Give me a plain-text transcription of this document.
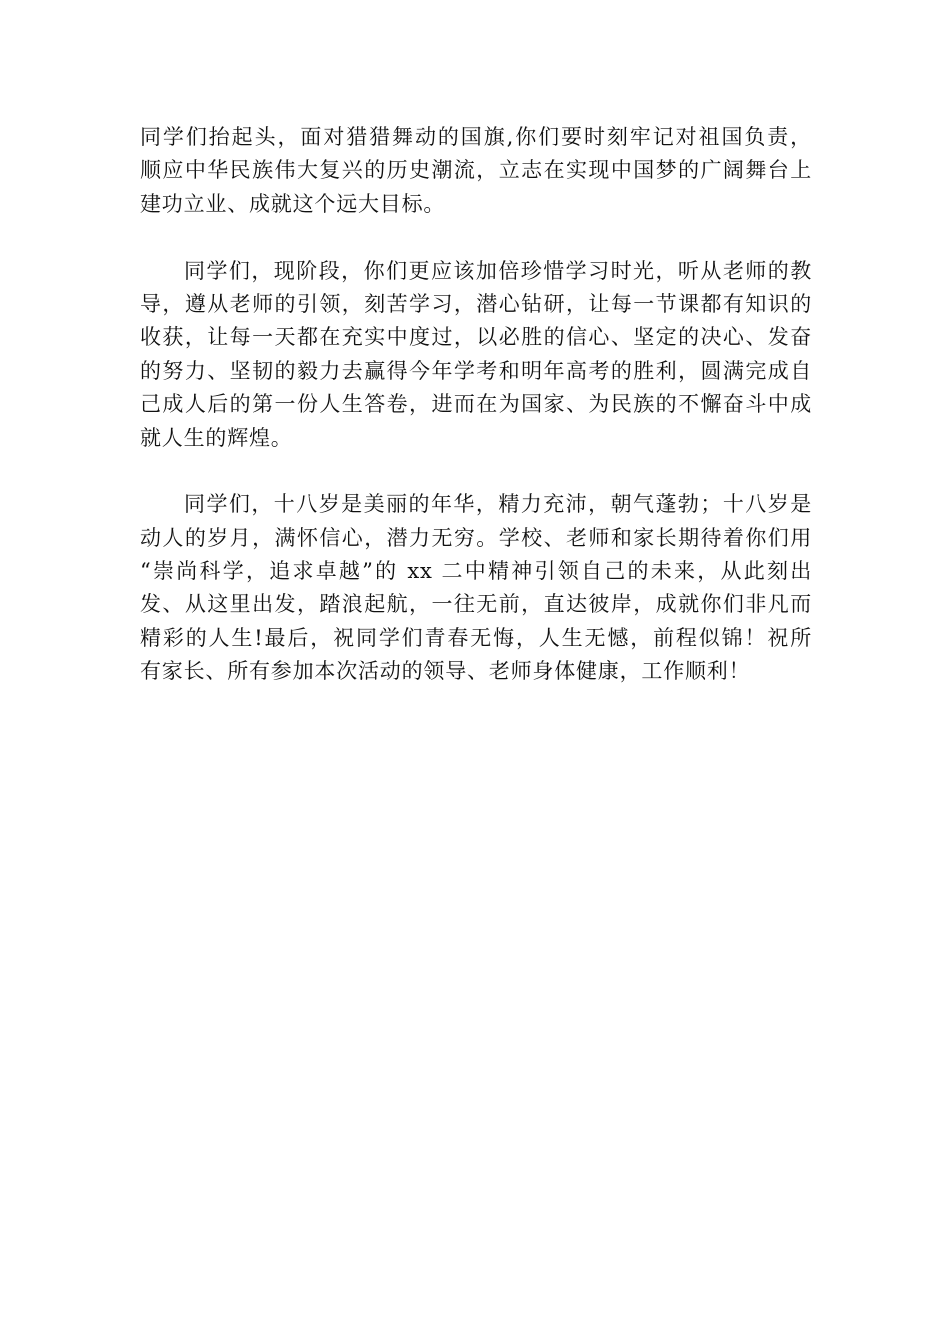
同学们抬起头，面对猎猎舞动的国旗,你们要时刻牢记对祖国负责，
顺应中华民族伟大复兴的历史潮流，立志在实现中国梦的广阔舞台上
建功立业、成就这个远大目标。
同学们，现阶段，你们更应该加倍珍惜学习时光，听从老师的教
导，遵从老师的引领，刻苦学习，潜心钻研，让每一节课都有知识的
收获，让每一天都在充实中度过，以必胜的信心、坚定的决心、发奋
的努力、坚韧的毅力去赢得今年学考和明年高考的胜利，圆满完成自
己成人后的第一份人生答卷，进而在为国家、为民族的不懈奋斗中成
就人生的辉煌。
同学们，十八岁是美丽的年华，精力充沛，朝气蓬勃；十八岁是
动人的岁月，满怀信心，潜力无穷。学校、老师和家长期待着你们用
“崇尚科学，追求卓越”的 xx 二中精神引领自己的未来，从此刻出
发、从这里出发，踏浪起航，一往无前，直达彼岸，成就你们非凡而
精彩的人生!最后，祝同学们青春无悔，人生无憾，前程似锦！祝所
有家长、所有参加本次活动的领导、老师身体健康，工作顺利！
